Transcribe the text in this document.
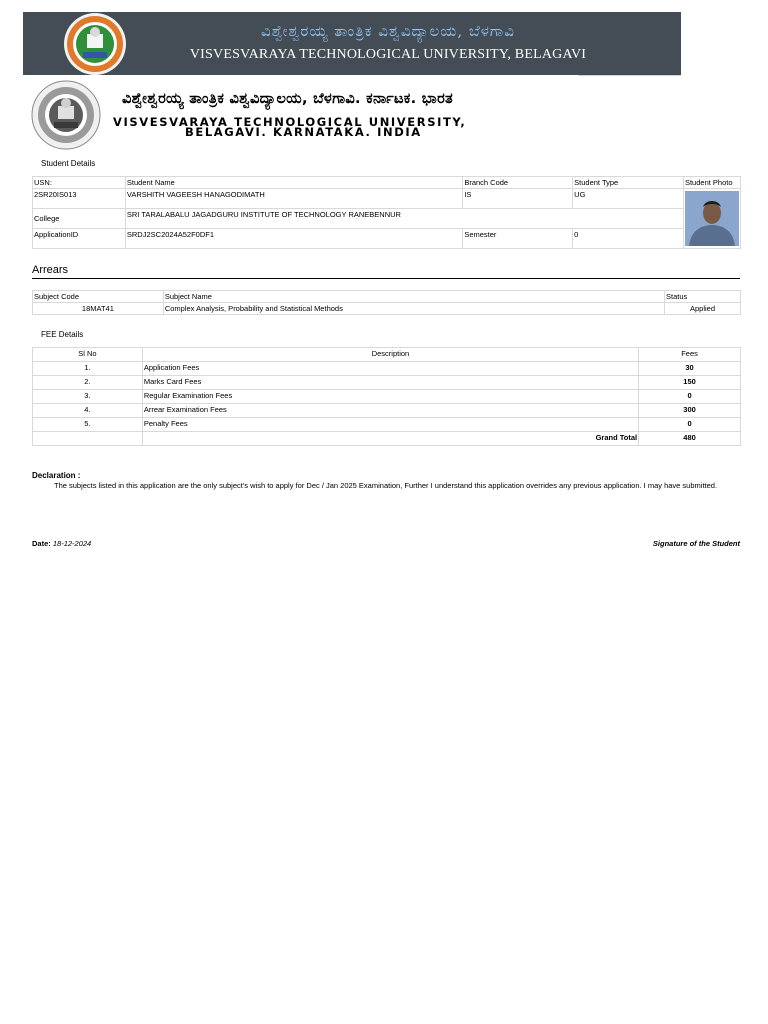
ವಿಶ್ವೇಶ್ವರಯ್ಯ ತಾಂತ್ರಿಕ ವಿಶ್ವವಿದ್ಯಾಲಯ, ಬೆಳಗಾವಿ
VISVESVARAYA TECHNOLOGICAL UNIVERSITY, BELAGAVI
ವಿಶ್ವೇಶ್ವರಯ್ಯ ತಾಂತ್ರಿಕ ವಿಶ್ವವಿದ್ಯಾಲಯ, ಬೆಳಗಾವಿ. ಕರ್ನಾಟಕ. ಭಾರತ
VISVESVARAYA TECHNOLOGICAL UNIVERSITY,
BELAGAVI. KARNATAKA. INDIA
Student Details
USN:	Student Name	Branch Code	Student Type	Student Photo
2SR20IS013	VARSHITH VAGEESH HANAGODIMATH	IS	UG	

College	SRI TARALABALU JAGADGURU INSTITUTE OF TECHNOLOGY RANEBENNUR			
ApplicationID	SRDJ2SC2024A52F0DF1	Semester	0	
Arrears
Subject Code	Subject Name	Status
18MAT41	Complex Analysis, Probability and Statistical Methods	Applied
FEE Details
Sl No	Description	Fees
1.	Application Fees	30
2.	Marks Card Fees	150
3.	Regular Examination Fees	0
4.	Arrear Examination Fees	300
5.	Penalty Fees	0
	Grand Total	480
Declaration :
The subjects listed in this application are the only subject's wish to apply for Dec / Jan 2025 Examination, Further I understand this application overrides any previous application. I may have submitted.
Date: 18-12-2024	Signature of the Student
